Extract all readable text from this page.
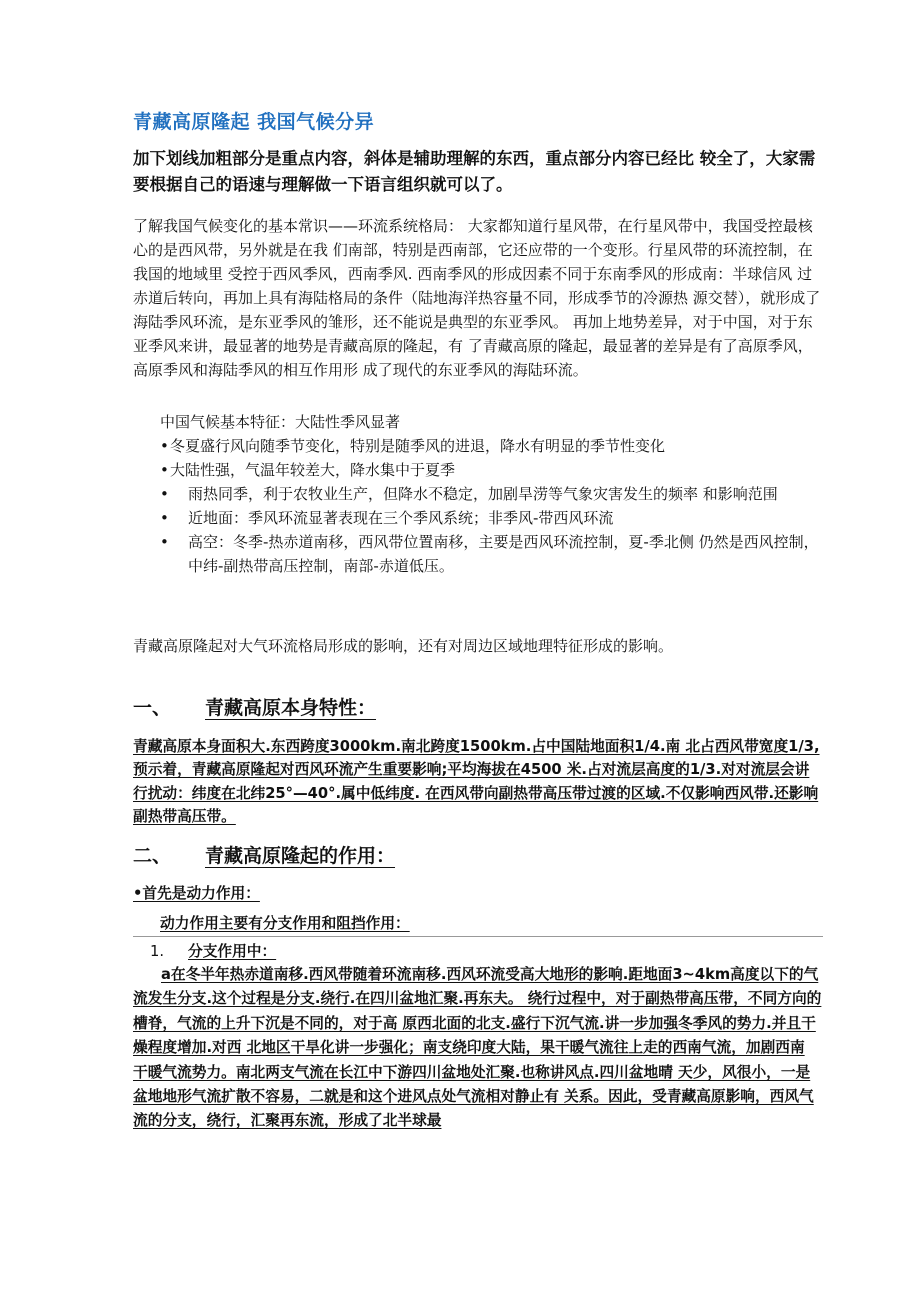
青藏高原隆起 我国气候分异
加下划线加粗部分是重点内容，斜体是辅助理解的东西，重点部分内容已经比 较全了，大家需要根据自己的语速与理解做一下语言组织就可以了。
了解我国气候变化的基本常识——环流系统格局： 大家都知道行星风带，在行星风带中，我国受控最核心的是西风带，另外就是在我 们南部，特别是西南部，它还应带的一个变形。行星风带的环流控制，在我国的地域里 受控于西风季风，西南季风. 西南季风的形成因素不同于东南季风的形成南：半球信风 过赤道后转向，再加上具有海陆格局的条件（陆地海洋热容量不同，形成季节的冷源热 源交替），就形成了海陆季风环流，是东亚季风的雏形，还不能说是典型的东亚季风。 再加上地势差异，对于中国，对于东亚季风来讲，最显著的地势是青藏高原的隆起，有 了青藏高原的隆起，最显著的差异是有了高原季风，高原季风和海陆季风的相互作用形 成了现代的东亚季风的海陆环流。
中国气候基本特征：大陆性季风显著
• 冬夏盛行风向随季节变化，特别是随季风的进退，降水有明显的季节性变化
• 大陆性强，气温年较差大，降水集中于夏季
•	雨热同季，利于农牧业生产，但降水不稳定，加剧旱涝等气象灾害发生的频率 和影响范围
•	近地面：季风环流显著表现在三个季风系统；非季风-带西风环流
•	高空：冬季-热赤道南移，西风带位置南移，主要是西风环流控制，夏-季北侧 仍然是西风控制，中纬-副热带高压控制，南部-赤道低压。
青藏高原隆起对大气环流格局形成的影响，还有对周边区域地理特征形成的影响。
一、 青藏高原本身特性：
青藏高原本身面积大.东西跨度3000km.南北跨度1500km.占中国陆地面积1/4.南 北占西风带宽度1/3,预示着，青藏高原隆起对西风环流产生重要影响;平均海拔在4500 米.占对流层高度的1/3.对对流层会讲行扰动：纬度在北纬25°—40°.属中低纬度. 在西风带向副热带高压带过渡的区域.不仅影响西风带.还影响副热带高压带。
二、 青藏高原隆起的作用：
•首先是动力作用：
动力作用主要有分支作用和阻挡作用：
1. 分支作用中：
a在冬半年热赤道南移.西风带随着环流南移.西风环流受高大地形的影响.距地面3~4km高度以下的气流发生分支.这个过程是分支.绕行.在四川盆地汇聚.再东夫。 绕行过程中，对于副热带高压带，不同方向的槽脊，气流的上升下沉是不同的，对于高 原西北面的北支.盛行下沉气流.讲一步加强冬季风的势力.并且干燥程度增加.对西 北地区干旱化讲一步强化；南支绕印度大陆，果干暖气流往上走的西南气流，加剧西南 干暖气流势力。南北两支气流在长江中下游四川盆地处汇聚.也称讲风点.四川盆地晴 天少，风很小，一是盆地地形气流扩散不容易，二就是和这个进风点处气流相对静止有 关系。因此，受青藏高原影响，西风气流的分支，绕行，汇聚再东流，形成了北半球最
